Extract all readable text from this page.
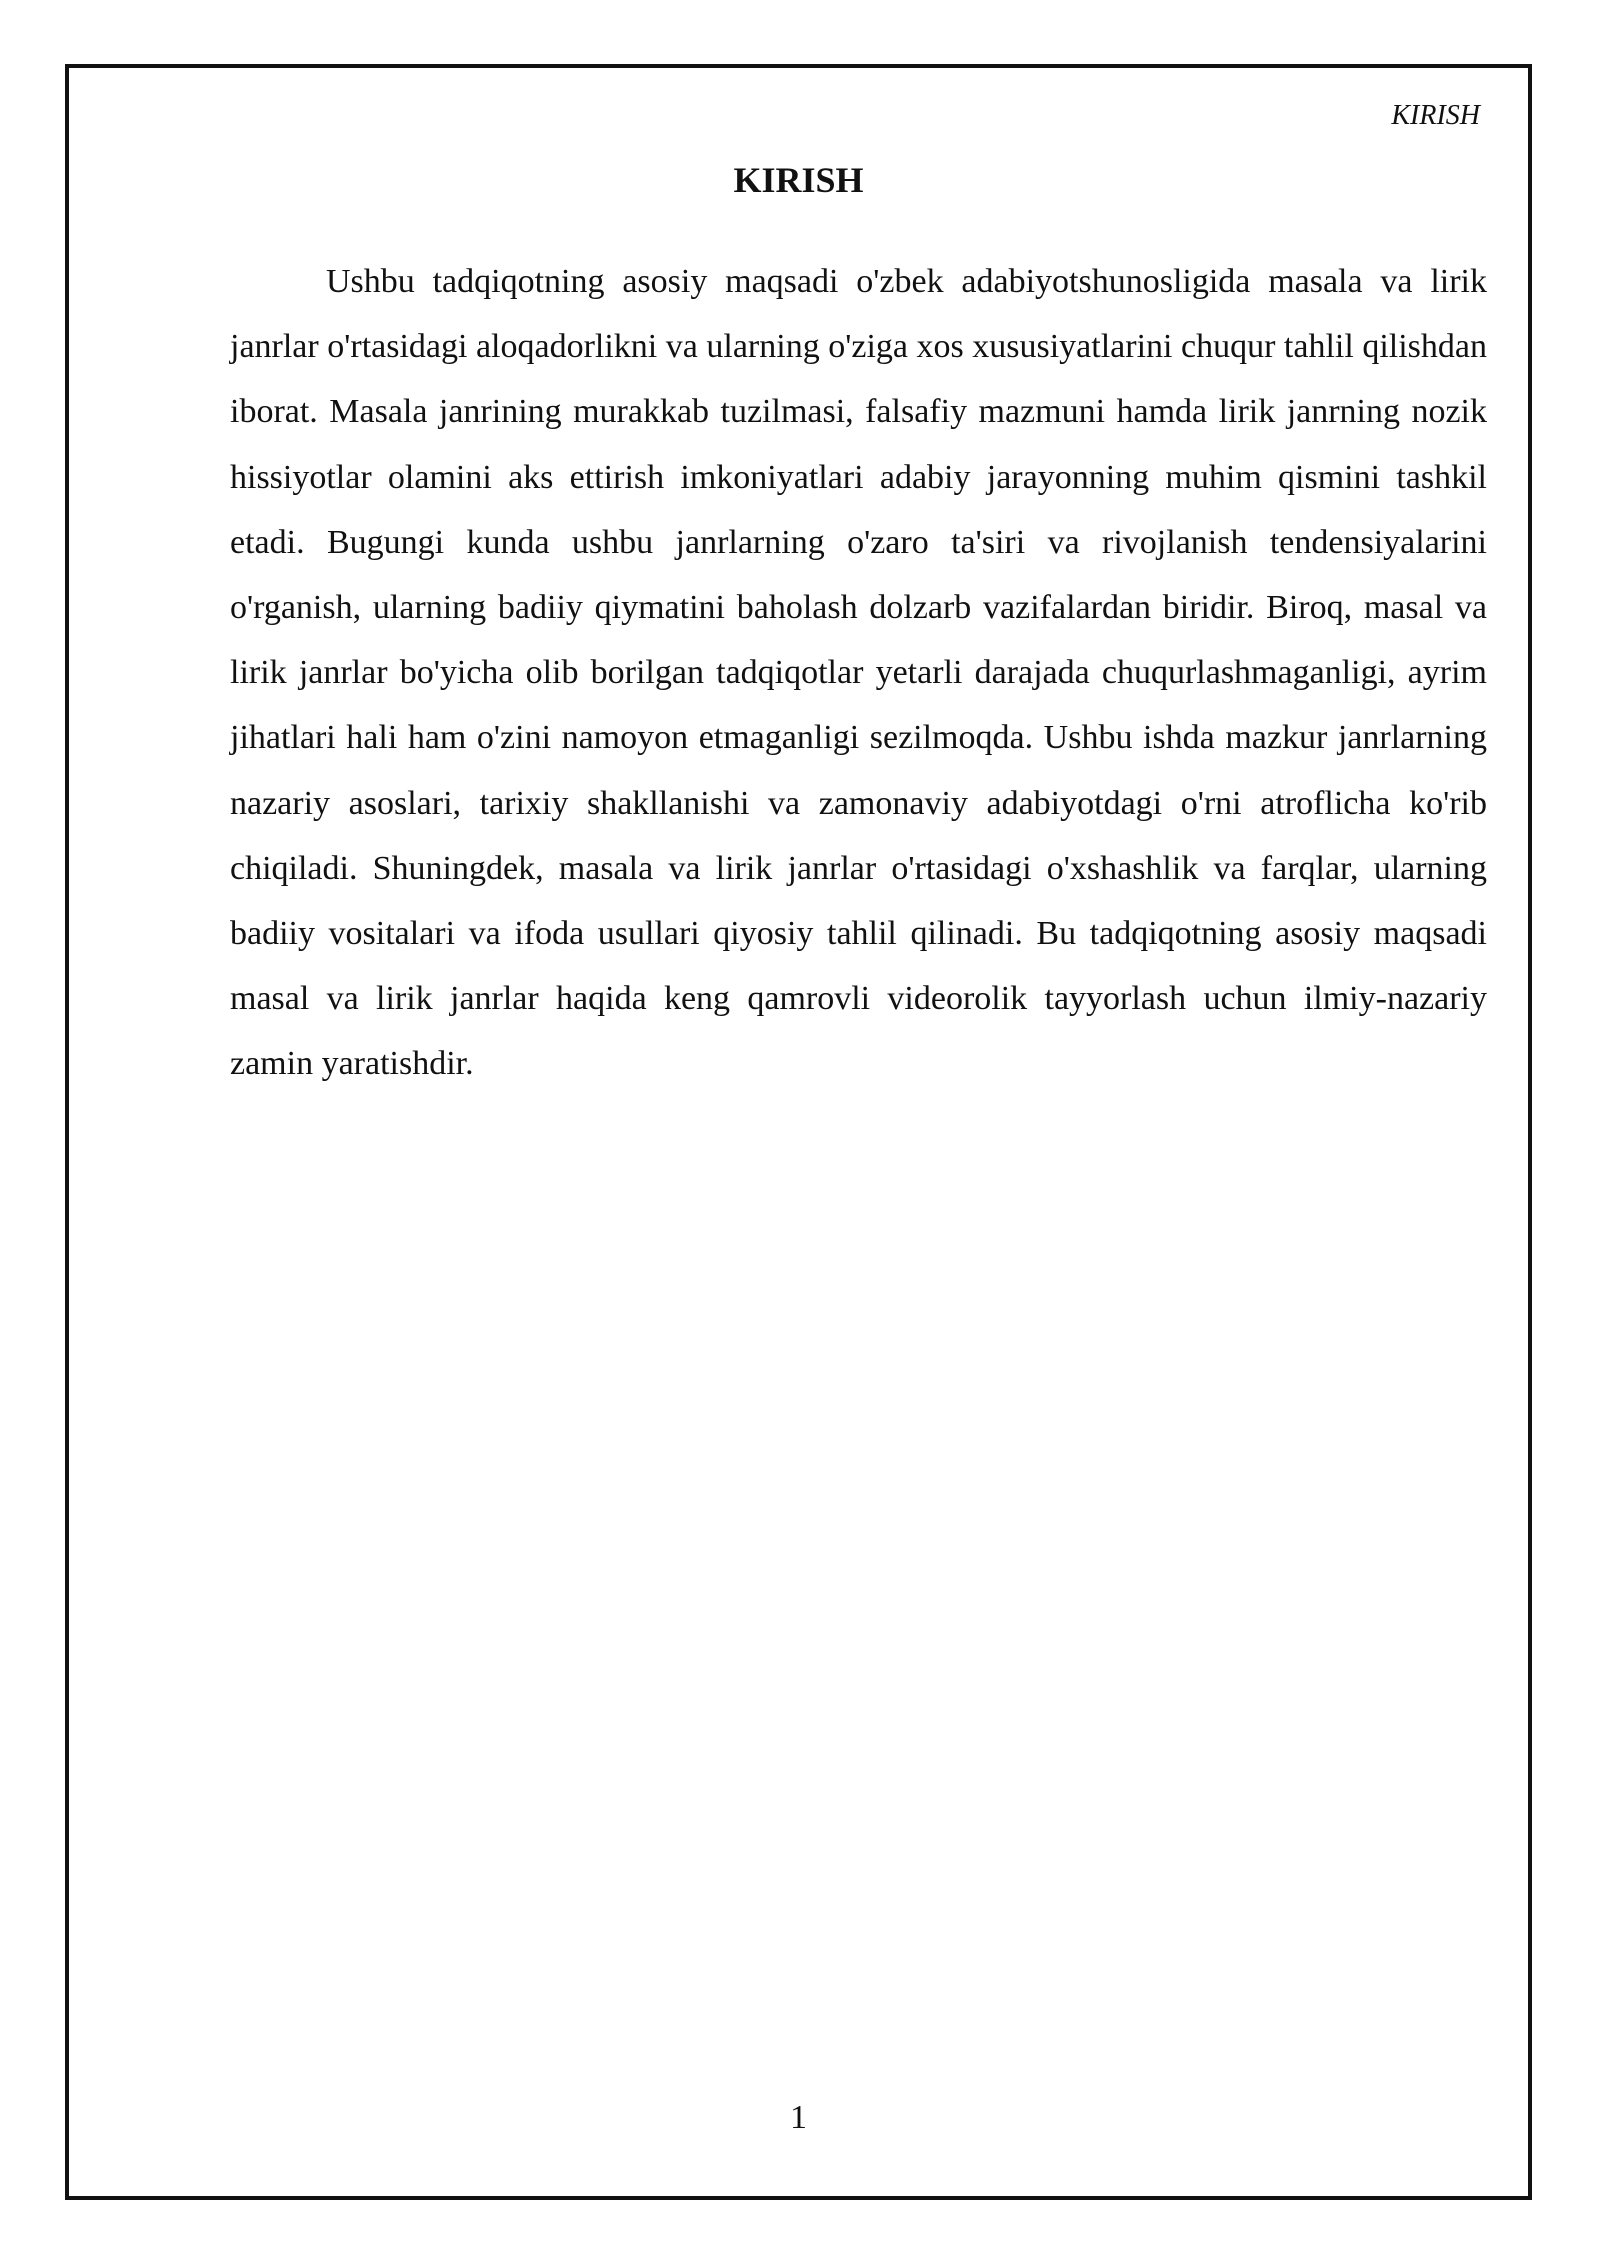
KIRISH
KIRISH

Ushbu tadqiqotning asosiy maqsadi o'zbek adabiyotshunosligida masala va lirik janrlar o'rtasidagi aloqadorlikni va ularning o'ziga xos xususiyatlarini chuqur tahlil qilishdan iborat. Masala janrining murakkab tuzilmasi, falsafiy mazmuni hamda lirik janrning nozik hissiyotlar olamini aks ettirish imkoniyatlari adabiy jarayonning muhim qismini tashkil etadi. Bugungi kunda ushbu janrlarning o'zaro ta'siri va rivojlanish tendensiyalarini o'rganish, ularning badiiy qiymatini baholash dolzarb vazifalardan biridir. Biroq, masal va lirik janrlar bo'yicha olib borilgan tadqiqotlar yetarli darajada chuqurlashmaganligi, ayrim jihatlari hali ham o'zini namoyon etmaganligi sezilmoqda. Ushbu ishda mazkur janrlarning nazariy asoslari, tarixiy shakllanishi va zamonaviy adabiyotdagi o'rni atroflicha ko'rib chiqiladi. Shuningdek, masala va lirik janrlar o'rtasidagi o'xshashlik va farqlar, ularning badiiy vositalari va ifoda usullari qiyosiy tahlil qilinadi. Bu tadqiqotning asosiy maqsadi masal va lirik janrlar haqida keng qamrovli videorolik tayyorlash uchun ilmiy-nazariy zamin yaratishdir.

1
